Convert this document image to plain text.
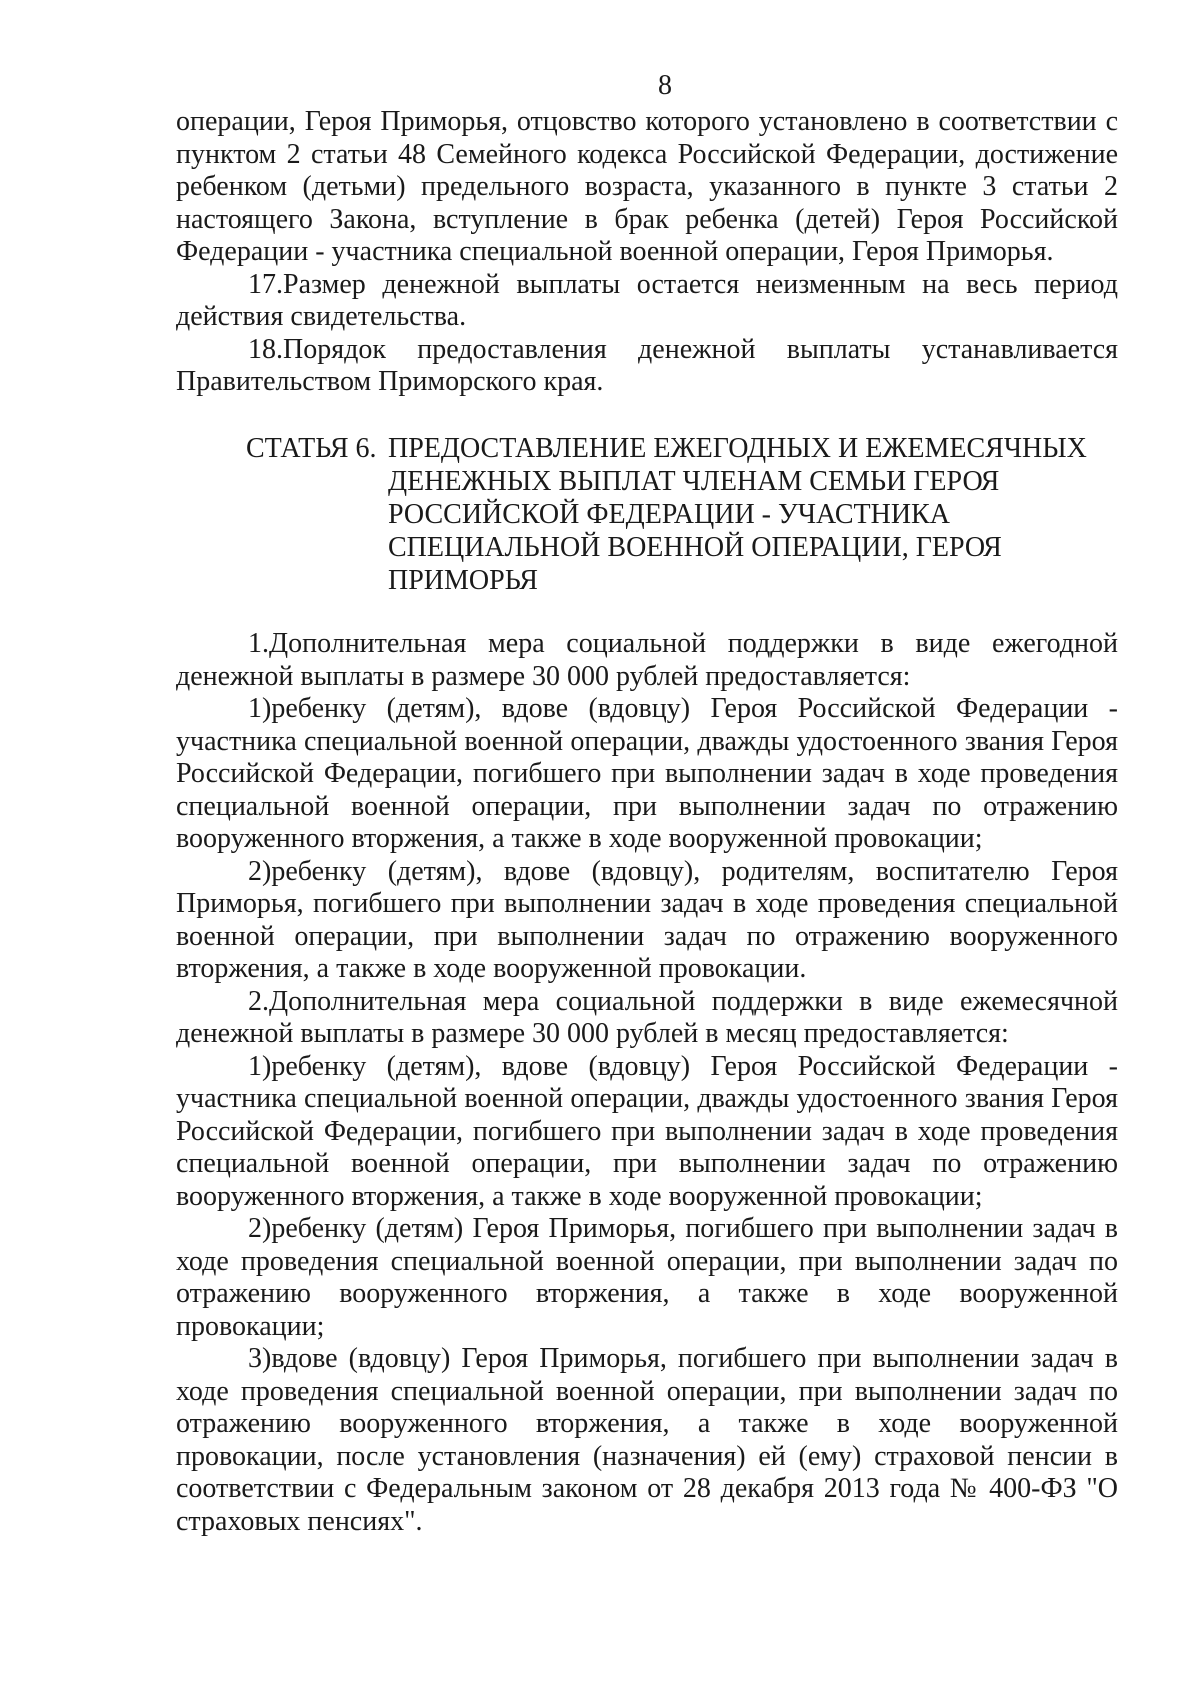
8

операции, Героя Приморья, отцовство которого установлено в соответствии с пунктом 2 статьи 48 Семейного кодекса Российской Федерации, достижение ребенком (детьми) предельного возраста, указанного в пункте 3 статьи 2 настоящего Закона, вступление в брак ребенка (детей) Героя Российской Федерации - участника специальной военной операции, Героя Приморья.

17.Размер денежной выплаты остается неизменным на весь период действия свидетельства.

18.Порядок предоставления денежной выплаты устанавливается Правительством Приморского края.

СТАТЬЯ 6. ПРЕДОСТАВЛЕНИЕ ЕЖЕГОДНЫХ И ЕЖЕМЕСЯЧНЫХ ДЕНЕЖНЫХ ВЫПЛАТ ЧЛЕНАМ СЕМЬИ ГЕРОЯ РОССИЙСКОЙ ФЕДЕРАЦИИ - УЧАСТНИКА СПЕЦИАЛЬНОЙ ВОЕННОЙ ОПЕРАЦИИ, ГЕРОЯ ПРИМОРЬЯ

1.Дополнительная мера социальной поддержки в виде ежегодной денежной выплаты в размере 30 000 рублей предоставляется:

1)ребенку (детям), вдове (вдовцу) Героя Российской Федерации - участника специальной военной операции, дважды удостоенного звания Героя Российской Федерации, погибшего при выполнении задач в ходе проведения специальной военной операции, при выполнении задач по отражению вооруженного вторжения, а также в ходе вооруженной провокации;

2)ребенку (детям), вдове (вдовцу), родителям, воспитателю Героя Приморья, погибшего при выполнении задач в ходе проведения специальной военной операции, при выполнении задач по отражению вооруженного вторжения, а также в ходе вооруженной провокации.

2.Дополнительная мера социальной поддержки в виде ежемесячной денежной выплаты в размере 30 000 рублей в месяц предоставляется:

1)ребенку (детям), вдове (вдовцу) Героя Российской Федерации - участника специальной военной операции, дважды удостоенного звания Героя Российской Федерации, погибшего при выполнении задач в ходе проведения специальной военной операции, при выполнении задач по отражению вооруженного вторжения, а также в ходе вооруженной провокации;

2)ребенку (детям) Героя Приморья, погибшего при выполнении задач в ходе проведения специальной военной операции, при выполнении задач по отражению вооруженного вторжения, а также в ходе вооруженной провокации;

3)вдове (вдовцу) Героя Приморья, погибшего при выполнении задач в ходе проведения специальной военной операции, при выполнении задач по отражению вооруженного вторжения, а также в ходе вооруженной провокации, после установления (назначения) ей (ему) страховой пенсии в соответствии с Федеральным законом от 28 декабря 2013 года № 400-ФЗ "О страховых пенсиях".
